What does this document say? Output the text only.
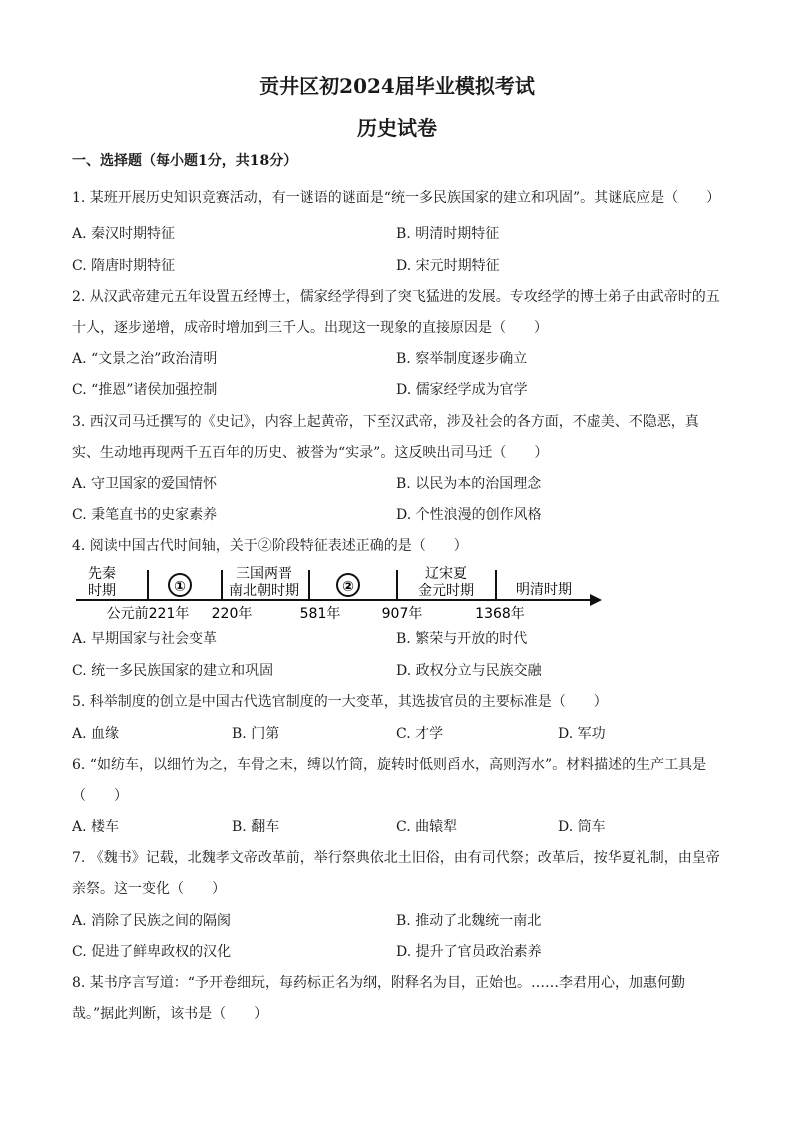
贡井区初2024届毕业模拟考试
历史试卷
一、选择题（每小题1分，共18分）
1. 某班开展历史知识竞赛活动，有一谜语的谜面是“统一多民族国家的建立和巩固”。其谜底应是（　　）
A. 秦汉时期特征	B. 明清时期特征
C. 隋唐时期特征	D. 宋元时期特征
2. 从汉武帝建元五年设置五经博士，儒家经学得到了突飞猛进的发展。专攻经学的博士弟子由武帝时的五
十人，逐步递增，成帝时增加到三千人。出现这一现象的直接原因是（　　）
A. “文景之治”政治清明	B. 察举制度逐步确立
C. “推恩”诸侯加强控制	D. 儒家经学成为官学
3. 西汉司马迁撰写的《史记》，内容上起黄帝，下至汉武帝，涉及社会的各方面，不虚美、不隐恶，真
实、生动地再现两千五百年的历史、被誉为“实录”。这反映出司马迁（　　）
A. 守卫国家的爱国情怀	B. 以民为本的治国理念
C. 秉笔直书的史家素养	D. 个性浪漫的创作风格
4. 阅读中国古代时间轴，关于②阶段特征表述正确的是（　　）
先秦
时期	①
三国两晋
南北朝时期	②
辽宋夏
金元时期	明清时期
公元前221年 220年	581年	907年	1368年
A. 早期国家与社会变革	B. 繁荣与开放的时代
C. 统一多民族国家的建立和巩固	D. 政权分立与民族交融
5. 科举制度的创立是中国古代选官制度的一大变革，其选拔官员的主要标准是（　　）
A. 血缘	B. 门第	C. 才学	D. 军功
6. “如纺车，以细竹为之，车骨之末，缚以竹筒，旋转时低则舀水，高则泻水”。材料描述的生产工具是
（　　）
A. 楼车	B. 翻车	C. 曲辕犁	D. 筒车
7. 《魏书》记载，北魏孝文帝改革前，举行祭典依北土旧俗，由有司代祭；改革后，按华夏礼制，由皇帝
亲祭。这一变化（　　）
A. 消除了民族之间的隔阂	B. 推动了北魏统一南北
C. 促进了鲜卑政权的汉化	D. 提升了官员政治素养
8. 某书序言写道：“予开卷细玩，每药标正名为纲，附释名为目，正始也。……李君用心，加惠何勤
哉。”据此判断，该书是（　　）
